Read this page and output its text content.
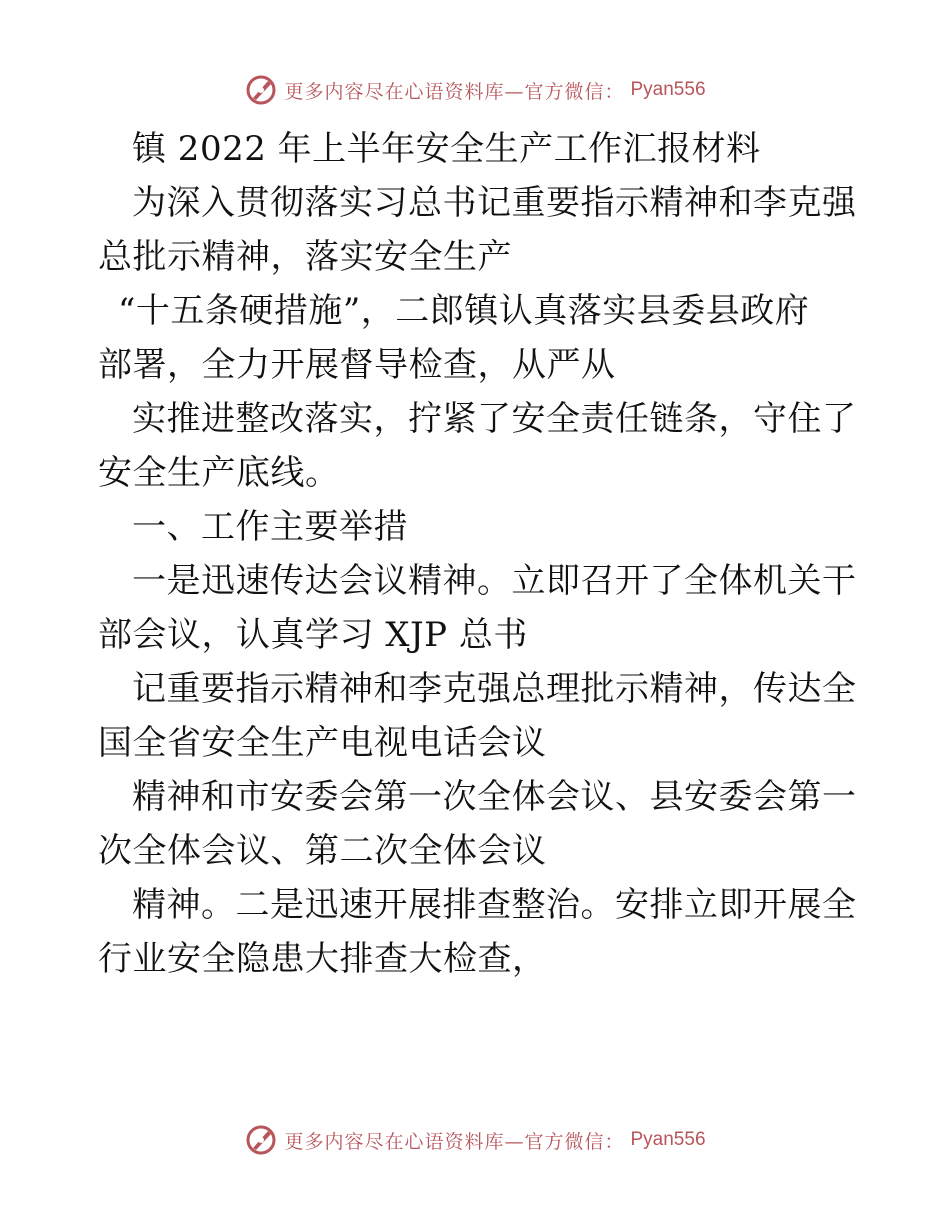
更多内容尽在心语资料库—官方微信： Pyan556
镇 2022 年上半年安全生产工作汇报材料
为深入贯彻落实习总书记重要指示精神和李克强
总批示精神，落实安全生产
“十五条硬措施”，二郎镇认真落实县委县政府
部署，全力开展督导检查，从严从
实推进整改落实，拧紧了安全责任链条，守住了
安全生产底线。
一、工作主要举措
一是迅速传达会议精神。立即召开了全体机关干
部会议，认真学习 XJP 总书
记重要指示精神和李克强总理批示精神，传达全
国全省安全生产电视电话会议
精神和市安委会第一次全体会议、县安委会第一
次全体会议、第二次全体会议
精神。二是迅速开展排查整治。安排立即开展全
行业安全隐患大排查大检查，
更多内容尽在心语资料库—官方微信： Pyan556
